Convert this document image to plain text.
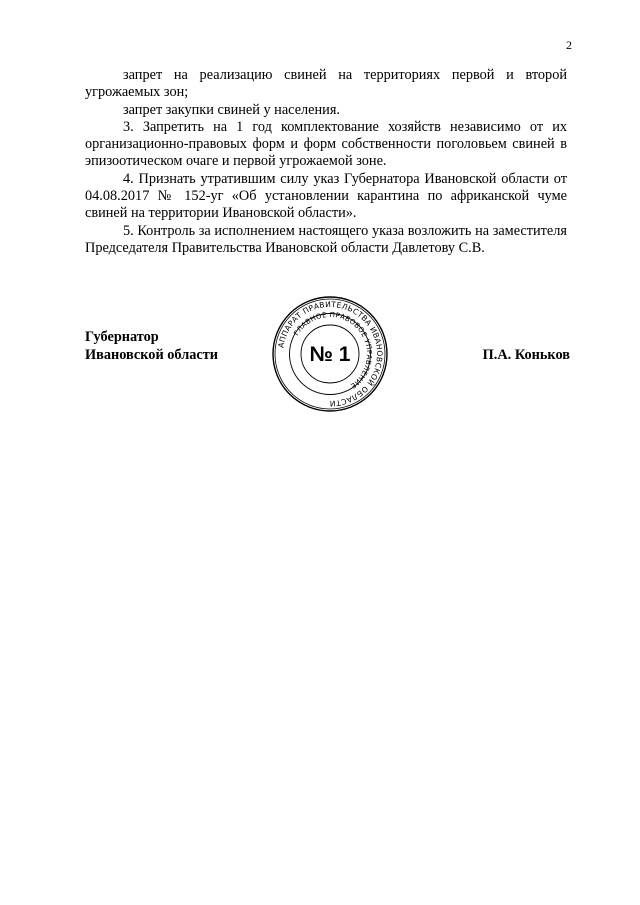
2

запрет на реализацию свиней на территориях первой и второй угрожаемых зон;

запрет закупки свиней у населения.

3. Запретить на 1 год комплектование хозяйств независимо от их организационно-правовых форм и форм собственности поголовьем свиней в эпизоотическом очаге и первой угрожаемой зоне.

4. Признать утратившим силу указ Губернатора Ивановской области от 04.08.2017 № 152-уг «Об установлении карантина по африканской чуме свиней на территории Ивановской области».

5. Контроль за исполнением настоящего указа возложить на заместителя Председателя Правительства Ивановской области Давлетову С.В.

Губернатор
Ивановской области	П.А. Коньков
АППАРАТ ПРАВИТЕЛЬСТВА ИВАНОВСКОЙ ОБЛАСТИ
ГЛАВНОЕ ПРАВОВОЕ УПРАВЛЕНИЕ
№ 1
